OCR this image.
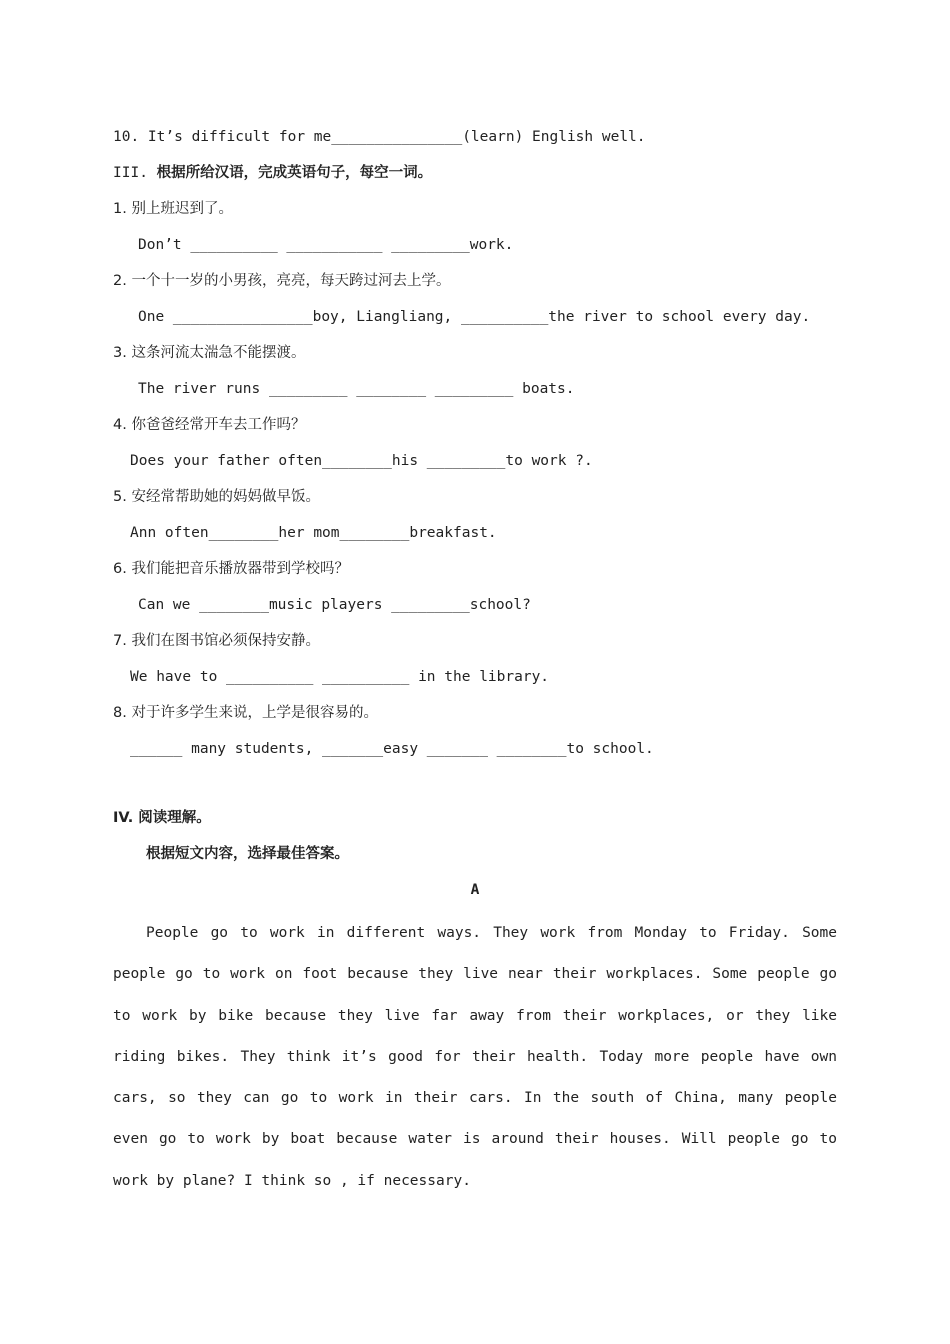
10. It’s difficult for me_______________(learn) English well.
III. 根据所给汉语，完成英语句子，每空一词。
1. 别上班迟到了。
Don’t __________ ___________ _________work.
2. 一个十一岁的小男孩，亮亮，每天跨过河去上学。
One ________________boy, Liangliang, __________the river to school every day.
3. 这条河流太湍急不能摆渡。
The river runs _________ ________ _________ boats.
4. 你爸爸经常开车去工作吗？
Does your father often________his _________to work ?.
5. 安经常帮助她的妈妈做早饭。
Ann often________her mom________breakfast.
6. 我们能把音乐播放器带到学校吗？
Can we ________music players _________school?
7. 我们在图书馆必须保持安静。
We have to __________ __________ in the library.
8. 对于许多学生来说，上学是很容易的。
______ many students, _______easy _______ ________to school.
IV. 阅读理解。
根据短文内容，选择最佳答案。
A

People go to work in different ways. They work from Monday to Friday. Some people go to work on foot because they live near their workplaces. Some people go to work by bike because they live far away from their workplaces, or they like riding bikes. They think it’s good for their health. Today more people have own cars, so they can go to work in their cars. In the south of China, many people even go to work by boat because water is around their houses. Will people go to work by plane? I think so , if necessary.
